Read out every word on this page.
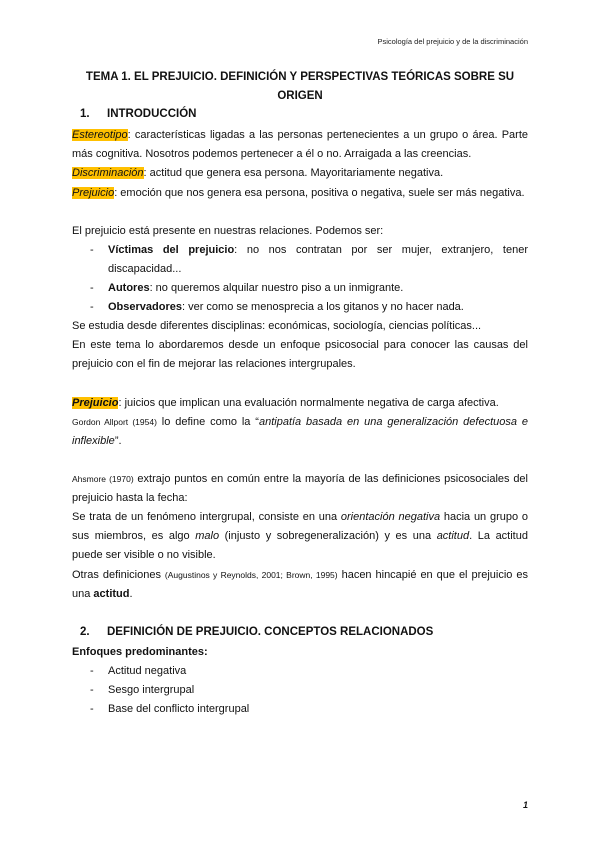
Psicología del prejuicio y de la discriminación
TEMA 1. EL PREJUICIO. DEFINICIÓN Y PERSPECTIVAS TEÓRICAS SOBRE SU ORIGEN
1. INTRODUCCIÓN
Estereotipo: características ligadas a las personas pertenecientes a un grupo o área. Parte más cognitiva. Nosotros podemos pertenecer a él o no. Arraigada a las creencias.
Discriminación: actitud que genera esa persona. Mayoritariamente negativa.
Prejuicio: emoción que nos genera esa persona, positiva o negativa, suele ser más negativa.
El prejuicio está presente en nuestras relaciones. Podemos ser:
- Víctimas del prejuicio: no nos contratan por ser mujer, extranjero, tener discapacidad...
- Autores: no queremos alquilar nuestro piso a un inmigrante.
- Observadores: ver como se menosprecia a los gitanos y no hacer nada.
Se estudia desde diferentes disciplinas: económicas, sociología, ciencias políticas...
En este tema lo abordaremos desde un enfoque psicosocial para conocer las causas del prejuicio con el fin de mejorar las relaciones intergrupales.
Prejuicio: juicios que implican una evaluación normalmente negativa de carga afectiva.
Gordon Allport (1954) lo define como la “antipatía basada en una generalización defectuosa e inflexible”.
Ahsmore (1970) extrajo puntos en común entre la mayoría de las definiciones psicosociales del prejuicio hasta la fecha:
Se trata de un fenómeno intergrupal, consiste en una orientación negativa hacia un grupo o sus miembros, es algo malo (injusto y sobregeneralización) y es una actitud. La actitud puede ser visible o no visible.
Otras definiciones (Augustinos y Reynolds, 2001; Brown, 1995) hacen hincapié en que el prejuicio es una actitud.
2. DEFINICIÓN DE PREJUICIO. CONCEPTOS RELACIONADOS
Enfoques predominantes:
- Actitud negativa
- Sesgo intergrupal
- Base del conflicto intergrupal
1
